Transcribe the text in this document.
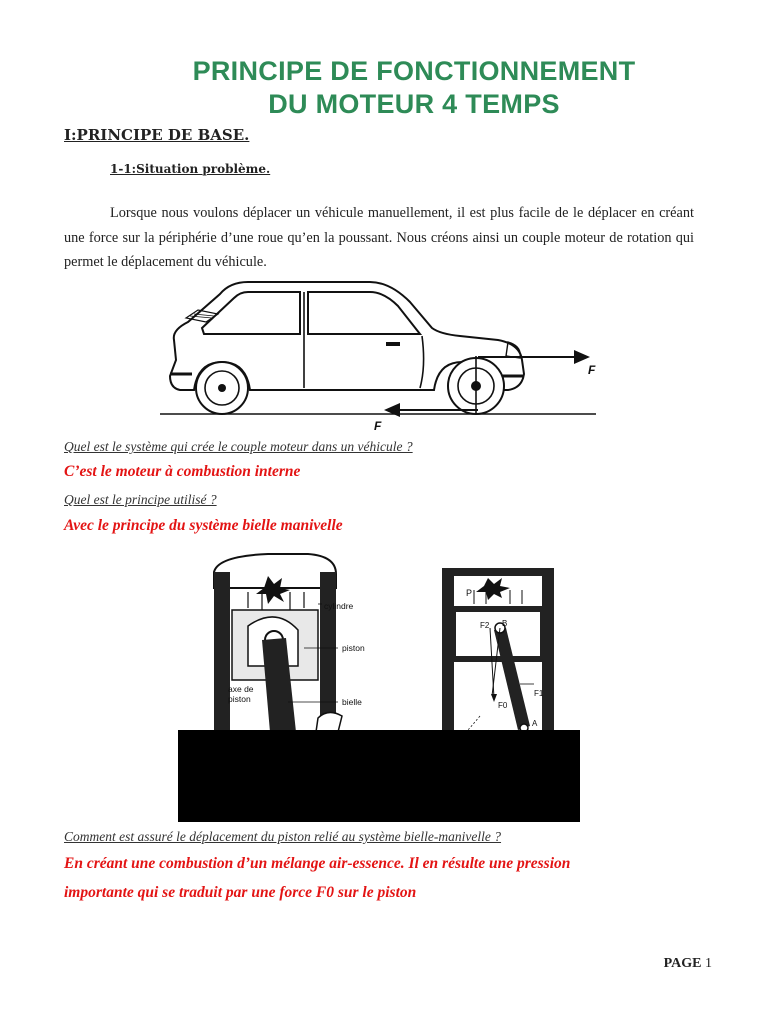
PRINCIPE DE FONCTIONNEMENT
DU MOTEUR 4 TEMPS
I:PRINCIPE DE BASE.
1-1:Situation problème.
Lorsque nous voulons déplacer un véhicule manuellement, il est plus facile de le déplacer en créant une force sur la périphérie d’une roue qu’en la poussant. Nous créons ainsi un couple moteur de rotation qui permet le déplacement du véhicule.
F
F
Quel est le système qui crée le couple moteur dans un véhicule ?
C’est le moteur à combustion interne
Quel est le principe utilisé ?
Avec le principe du système bielle manivelle
cylindre
piston
axe de
piston	bielle
P
F2 B
F1
F0
A
Comment est assuré le déplacement du piston relié au système bielle-manivelle ?
En créant une combustion d’un mélange air-essence. Il en résulte une pression
importante qui se traduit par une force F0 sur le piston
PAGE 1
